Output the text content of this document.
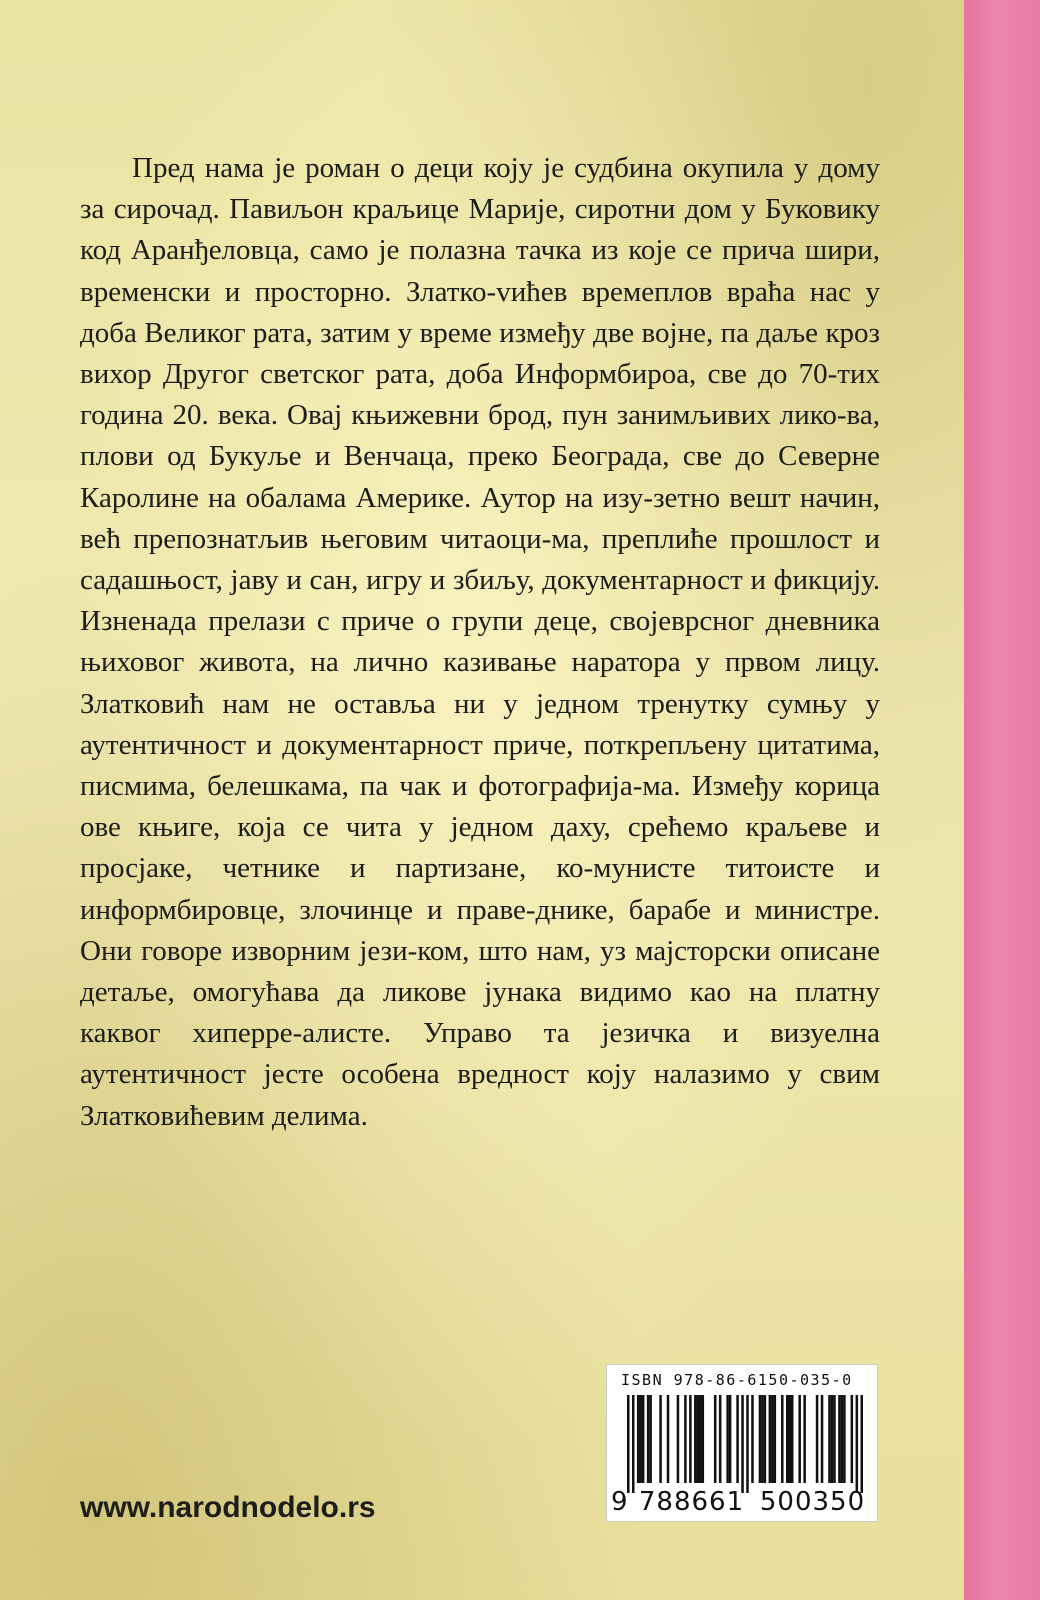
Пред нама је роман о деци коју је судбина окупила у дому за сирочад. Павиљон краљице Марије, сиротни дом у Буковику код Аранђеловца, само је полазна тачка из које се прича шири, временски и просторно. Златко-vићев времеплов враћа нас у доба Великог рата, затим у време између две војне, па даље кроз вихор Другог светског рата, доба Информбироа, све до 70-тих година 20. века. Овај књижевни брод, пун занимљивих лико-ва, плови од Букуље и Венчаца, преко Београда, све до Северне Каролине на обалама Америке. Аутор на изу-зетно вешт начин, већ препознатљив његовим читаоци-ма, преплиће прошлост и садашњост, јаву и сан, игру и збиљу, документарност и фикцију. Изненада прелази с приче о групи деце, својеврсног дневника њиховог живота, на лично казивање наратора у првом лицу. Златковић нам не оставља ни у једном тренутку сумњу у аутентичност и документарност приче, поткрепљену цитатима, писмима, белешкама, па чак и фотографија-ма. Између корица ове књиге, која се чита у једном даху, срећемо краљеве и просјаке, четнике и партизане, ко-мунисте титоисте и информбировце, злочинце и праве-днике, барабе и министре. Они говоре изворним јези-ком, што нам, уз мајсторски описане детаље, омогућава да ликове јунака видимо као на платну каквог хиперре-алисте. Управо та језичка и визуелна аутентичност јесте особена вредност коју налазимо у свим Златковићевим делима.

www.narodnodelo.rs
ISBN 978-86-6150-035-0
9 788661 500350
